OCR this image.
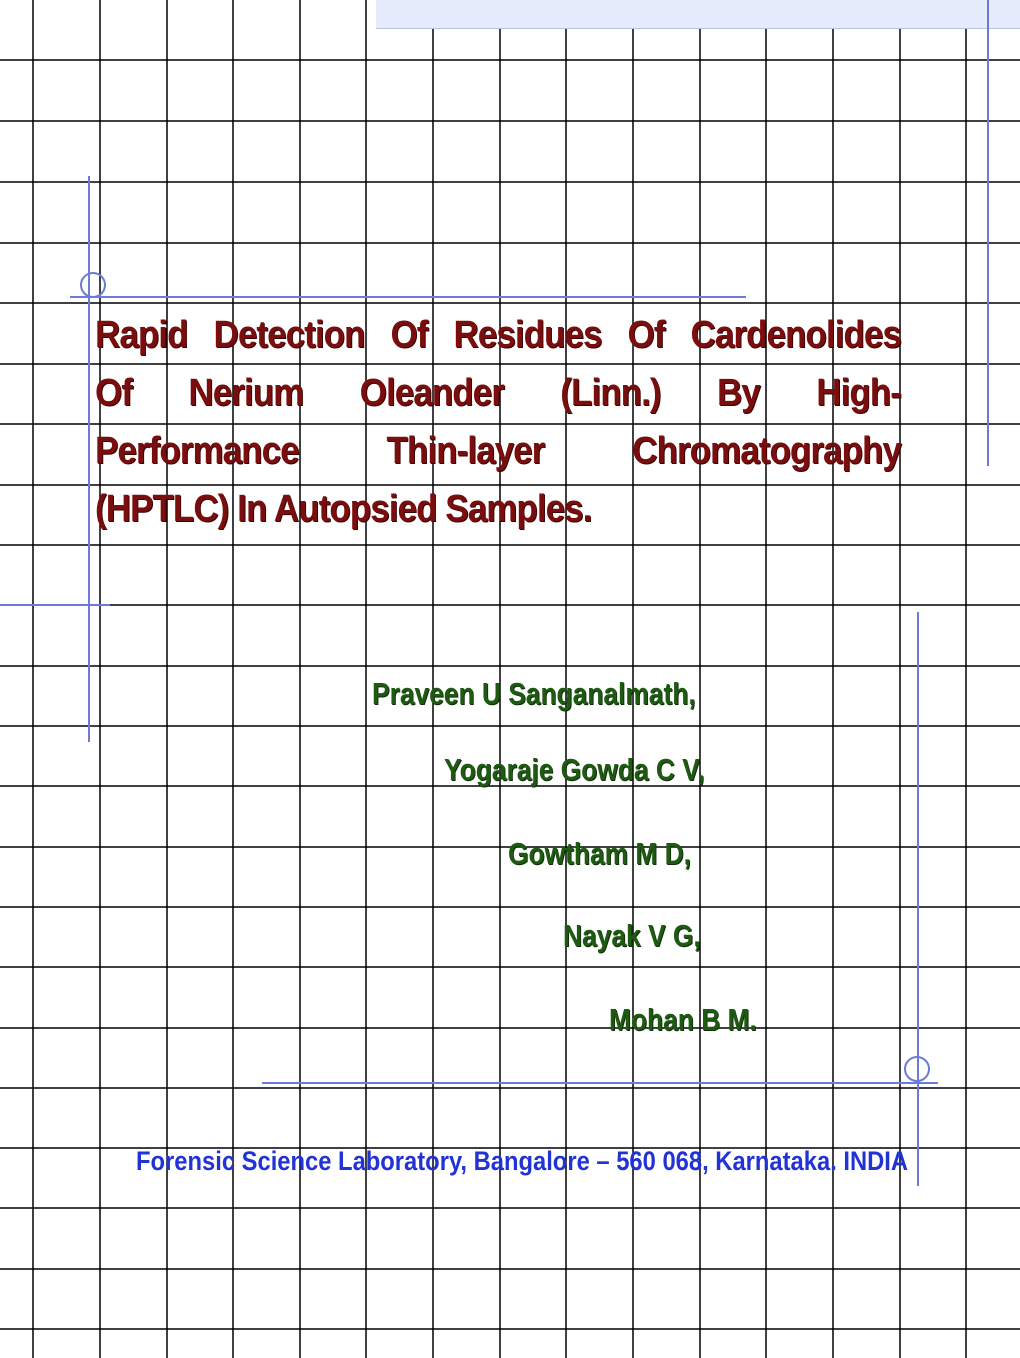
Rapid Detection Of Residues Of Cardenolides
Of Nerium Oleander (Linn.) By High-
Performance Thin-layer Chromatography
(HPTLC) In Autopsied Samples.
Praveen U Sanganalmath,
Yogaraje Gowda C V,
Gowtham M D,
Nayak V G,
Mohan B M.
Forensic Science Laboratory, Bangalore – 560 068, Karnataka. INDIA
